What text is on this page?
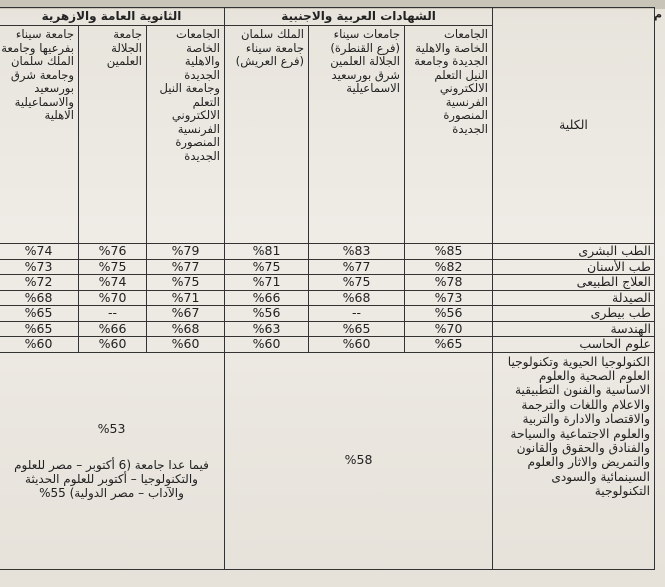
م
الكلية	الشهادات العربية والاجنبية			الثانوية العامة والازهرية		
	الجامعات الخاصة والاهلية الجديدة وجامعة النيل التعلم الالكتروني الفرنسية المنصورة الجديدة	جامعات سيناء (فرع القنطرة) الجلالة العلمين شرق بورسعيد الاسماعيلية	الملك سلمان جامعة سيناء (فرع العريش)	الجامعات الخاصة والاهلية الجديدة وجامعة النيل التعلم الالكتروني الفرنسية المنصورة الجديدة	جامعة الجلالة العلمين	جامعة سيناء بفرعيها وجامعة الملك سلمان وجامعة شرق بورسعيد والاسماعيلية الاهلية
الطب البشرى	%85	%83	%81	%79	%76	%74
طب الأسنان	%82	%77	%75	%77	%75	%73
العلاج الطبيعى	%78	%75	%71	%75	%74	%72
الصيدلة	%73	%68	%66	%71	%70	%68
طب بيطرى	%56	--	%56	%67	--	%65
الهندسة	%70	%65	%63	%68	%66	%65
علوم الحاسب	%65	%60	%60	%60	%60	%60
الكنولوجيا الحيوية وتكنولوجيا العلوم الصحية والعلوم الاساسية والفنون التطبيقية والاعلام واللغات والترجمة والاقتصاد والادارة والتربية والعلوم الاجتماعية والسياحة والفنادق والحقوق والقانون والتمريض والاثار والعلوم السينمائية والسودى التكنولوجية	%58			%53
فيما عدا جامعة (6 أكتوبر – مصر للعلوم والتكنولوجيا – أكتوبر للعلوم الحديثة والآداب – مصر الدولية) 55%		
